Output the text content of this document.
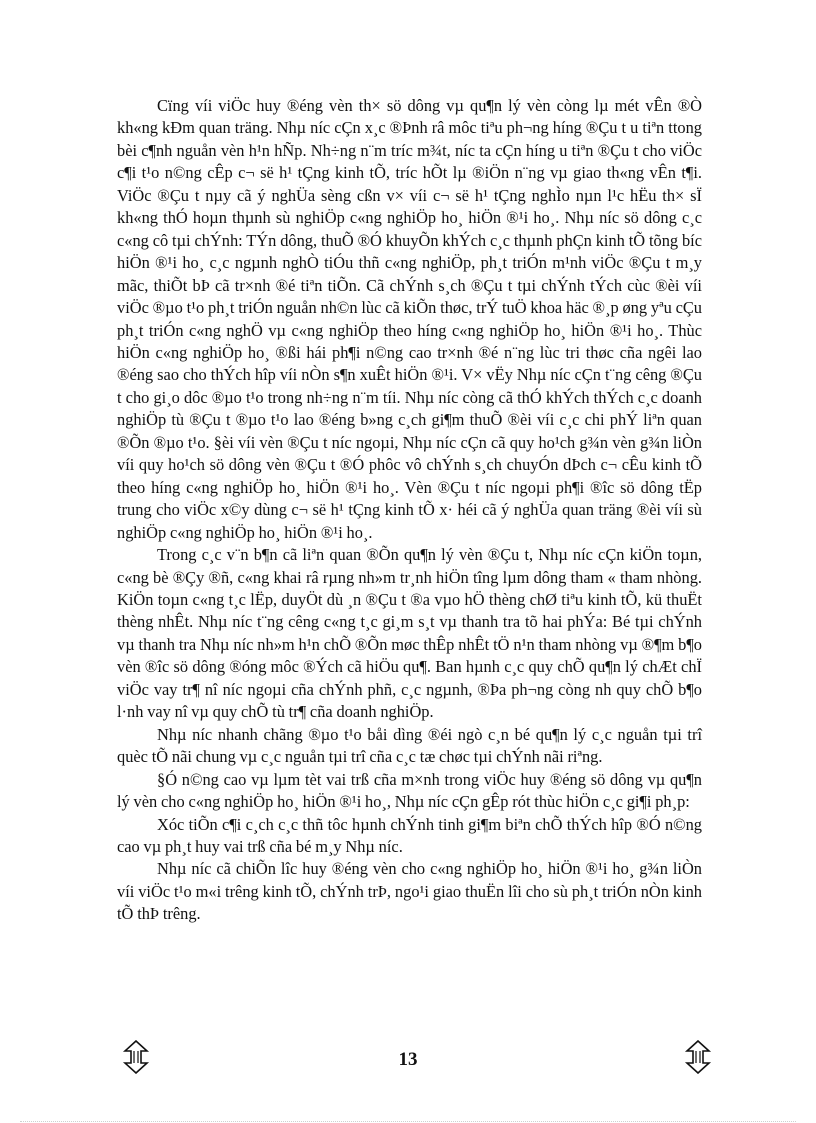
Cïng víi viÖc huy ®éng vèn th× sö dông vµ qu¶n lý vèn còng lµ mét vÊn ®Ò kh«ng kÐm quan träng. Nhµ níc cÇn x¸c ®Þnh râ môc tiªu ph¬ng híng ®Çu t u tiªn ttong bèi c¶nh nguån vèn h¹n hÑp. Nh÷ng n¨m tríc m¾t, níc ta cÇn híng u tiªn ®Çu t cho viÖc c¶i t¹o n©ng cÊp c¬ së h¹ tÇng kinh tÕ, tríc hÕt lµ ®iÖn n¨ng vµ giao th«ng vÊn t¶i. ViÖc ®Çu t nµy cã ý nghÜa sèng cßn v× víi c¬ së h¹ tÇng nghÌo nµn l¹c hËu th× sÏ kh«ng thÓ hoµn thµnh sù nghiÖp c«ng nghiÖp ho¸ hiÖn ®¹i ho¸. Nhµ níc sö dông c¸c c«ng cô tµi chÝnh: TÝn dông, thuÕ ®Ó khuyÕn khÝch c¸c thµnh phÇn kinh tÕ tõng bíc hiÖn ®¹i ho¸ c¸c ngµnh nghÒ tiÓu thñ c«ng nghiÖp, ph¸t triÓn m¹nh viÖc ®Çu t m¸y mãc, thiÕt bÞ cã tr×nh ®é tiªn tiÕn. Cã chÝnh s¸ch ®Çu t tµi chÝnh tÝch cùc ®èi víi viÖc ®µo t¹o ph¸t triÓn nguån nh©n lùc cã kiÕn thøc, trÝ tuÖ khoa häc ®¸p øng yªu cÇu ph¸t triÓn c«ng nghÖ vµ c«ng nghiÖp theo híng c«ng nghiÖp ho¸ hiÖn ®¹i ho¸. Thùc hiÖn c«ng nghiÖp ho¸ ®ßi hái ph¶i n©ng cao tr×nh ®é n¨ng lùc tri thøc cña ngêi lao ®éng sao cho thÝch hîp víi nÒn s¶n xuÊt hiÖn ®¹i. V× vËy Nhµ níc cÇn t¨ng cêng ®Çu t cho gi¸o dôc ®µo t¹o trong nh÷ng n¨m tíi. Nhµ níc còng cã thÓ khÝch thÝch c¸c doanh nghiÖp tù ®Çu t ®µo t¹o lao ®éng b»ng c¸ch gi¶m thuÕ ®èi víi c¸c chi phÝ liªn quan ®Õn ®µo t¹o. §èi víi vèn ®Çu t níc ngoµi, Nhµ níc cÇn cã quy ho¹ch g¾n vèn g¾n liÒn víi quy ho¹ch sö dông vèn ®Çu t ®Ó phôc vô chÝnh s¸ch chuyÓn dÞch c¬ cÊu kinh tÕ theo híng c«ng nghiÖp ho¸ hiÖn ®¹i ho¸. Vèn ®Çu t níc ngoµi ph¶i ®îc sö dông tËp trung cho viÖc x©y dùng c¬ së h¹ tÇng kinh tÕ x· héi cã ý nghÜa quan träng ®èi víi sù nghiÖp c«ng nghiÖp ho¸ hiÖn ®¹i ho¸.

Trong c¸c v¨n b¶n cã liªn quan ®Õn qu¶n lý vèn ®Çu t, Nhµ níc cÇn kiÖn toµn, c«ng bè ®Çy ®ñ, c«ng khai râ rµng nh»m tr¸nh hiÖn tîng lµm dông tham « tham nhòng. KiÖn toµn c«ng t¸c lËp, duyÖt dù ¸n ®Çu t ®a vµo hÖ thèng chØ tiªu kinh tÕ, kü thuËt thèng nhÊt. Nhµ níc t¨ng cêng c«ng t¸c gi¸m s¸t vµ thanh tra tõ hai phÝa: Bé tµi chÝnh vµ thanh tra Nhµ níc nh»m h¹n chÕ ®Õn møc thÊp nhÊt tÖ n¹n tham nhòng vµ ®¶m b¶o vèn ®îc sö dông ®óng môc ®Ých cã hiÖu qu¶. Ban hµnh c¸c quy chÕ qu¶n lý chÆt chÏ viÖc vay tr¶ nî níc ngoµi cña chÝnh phñ, c¸c ngµnh, ®Þa ph¬ng còng nh quy chÕ b¶o l·nh vay nî vµ quy chÕ tù tr¶ cña doanh nghiÖp.

Nhµ níc nhanh chãng ®µo t¹o båi dìng ®éi ngò c¸n bé qu¶n lý c¸c nguån tµi trî quèc tÕ nãi chung vµ c¸c nguån tµi trî cña c¸c tæ chøc tµi chÝnh nãi riªng.

§Ó n©ng cao vµ lµm tèt vai trß cña m×nh trong viÖc huy ®éng sö dông vµ qu¶n lý vèn cho c«ng nghiÖp ho¸ hiÖn ®¹i ho¸, Nhµ níc cÇn gÊp rót thùc hiÖn c¸c gi¶i ph¸p:

Xóc tiÕn c¶i c¸ch c¸c thñ tôc hµnh chÝnh tinh gi¶m biªn chÕ thÝch hîp ®Ó n©ng cao vµ ph¸t huy vai trß cña bé m¸y Nhµ níc.

Nhµ níc cã chiÕn lîc huy ®éng vèn cho c«ng nghiÖp ho¸ hiÖn ®¹i ho¸ g¾n liÒn víi viÖc t¹o m«i trêng kinh tÕ, chÝnh trÞ, ngo¹i giao thuËn lîi cho sù ph¸t triÓn nÒn kinh tÕ thÞ trêng.

13
